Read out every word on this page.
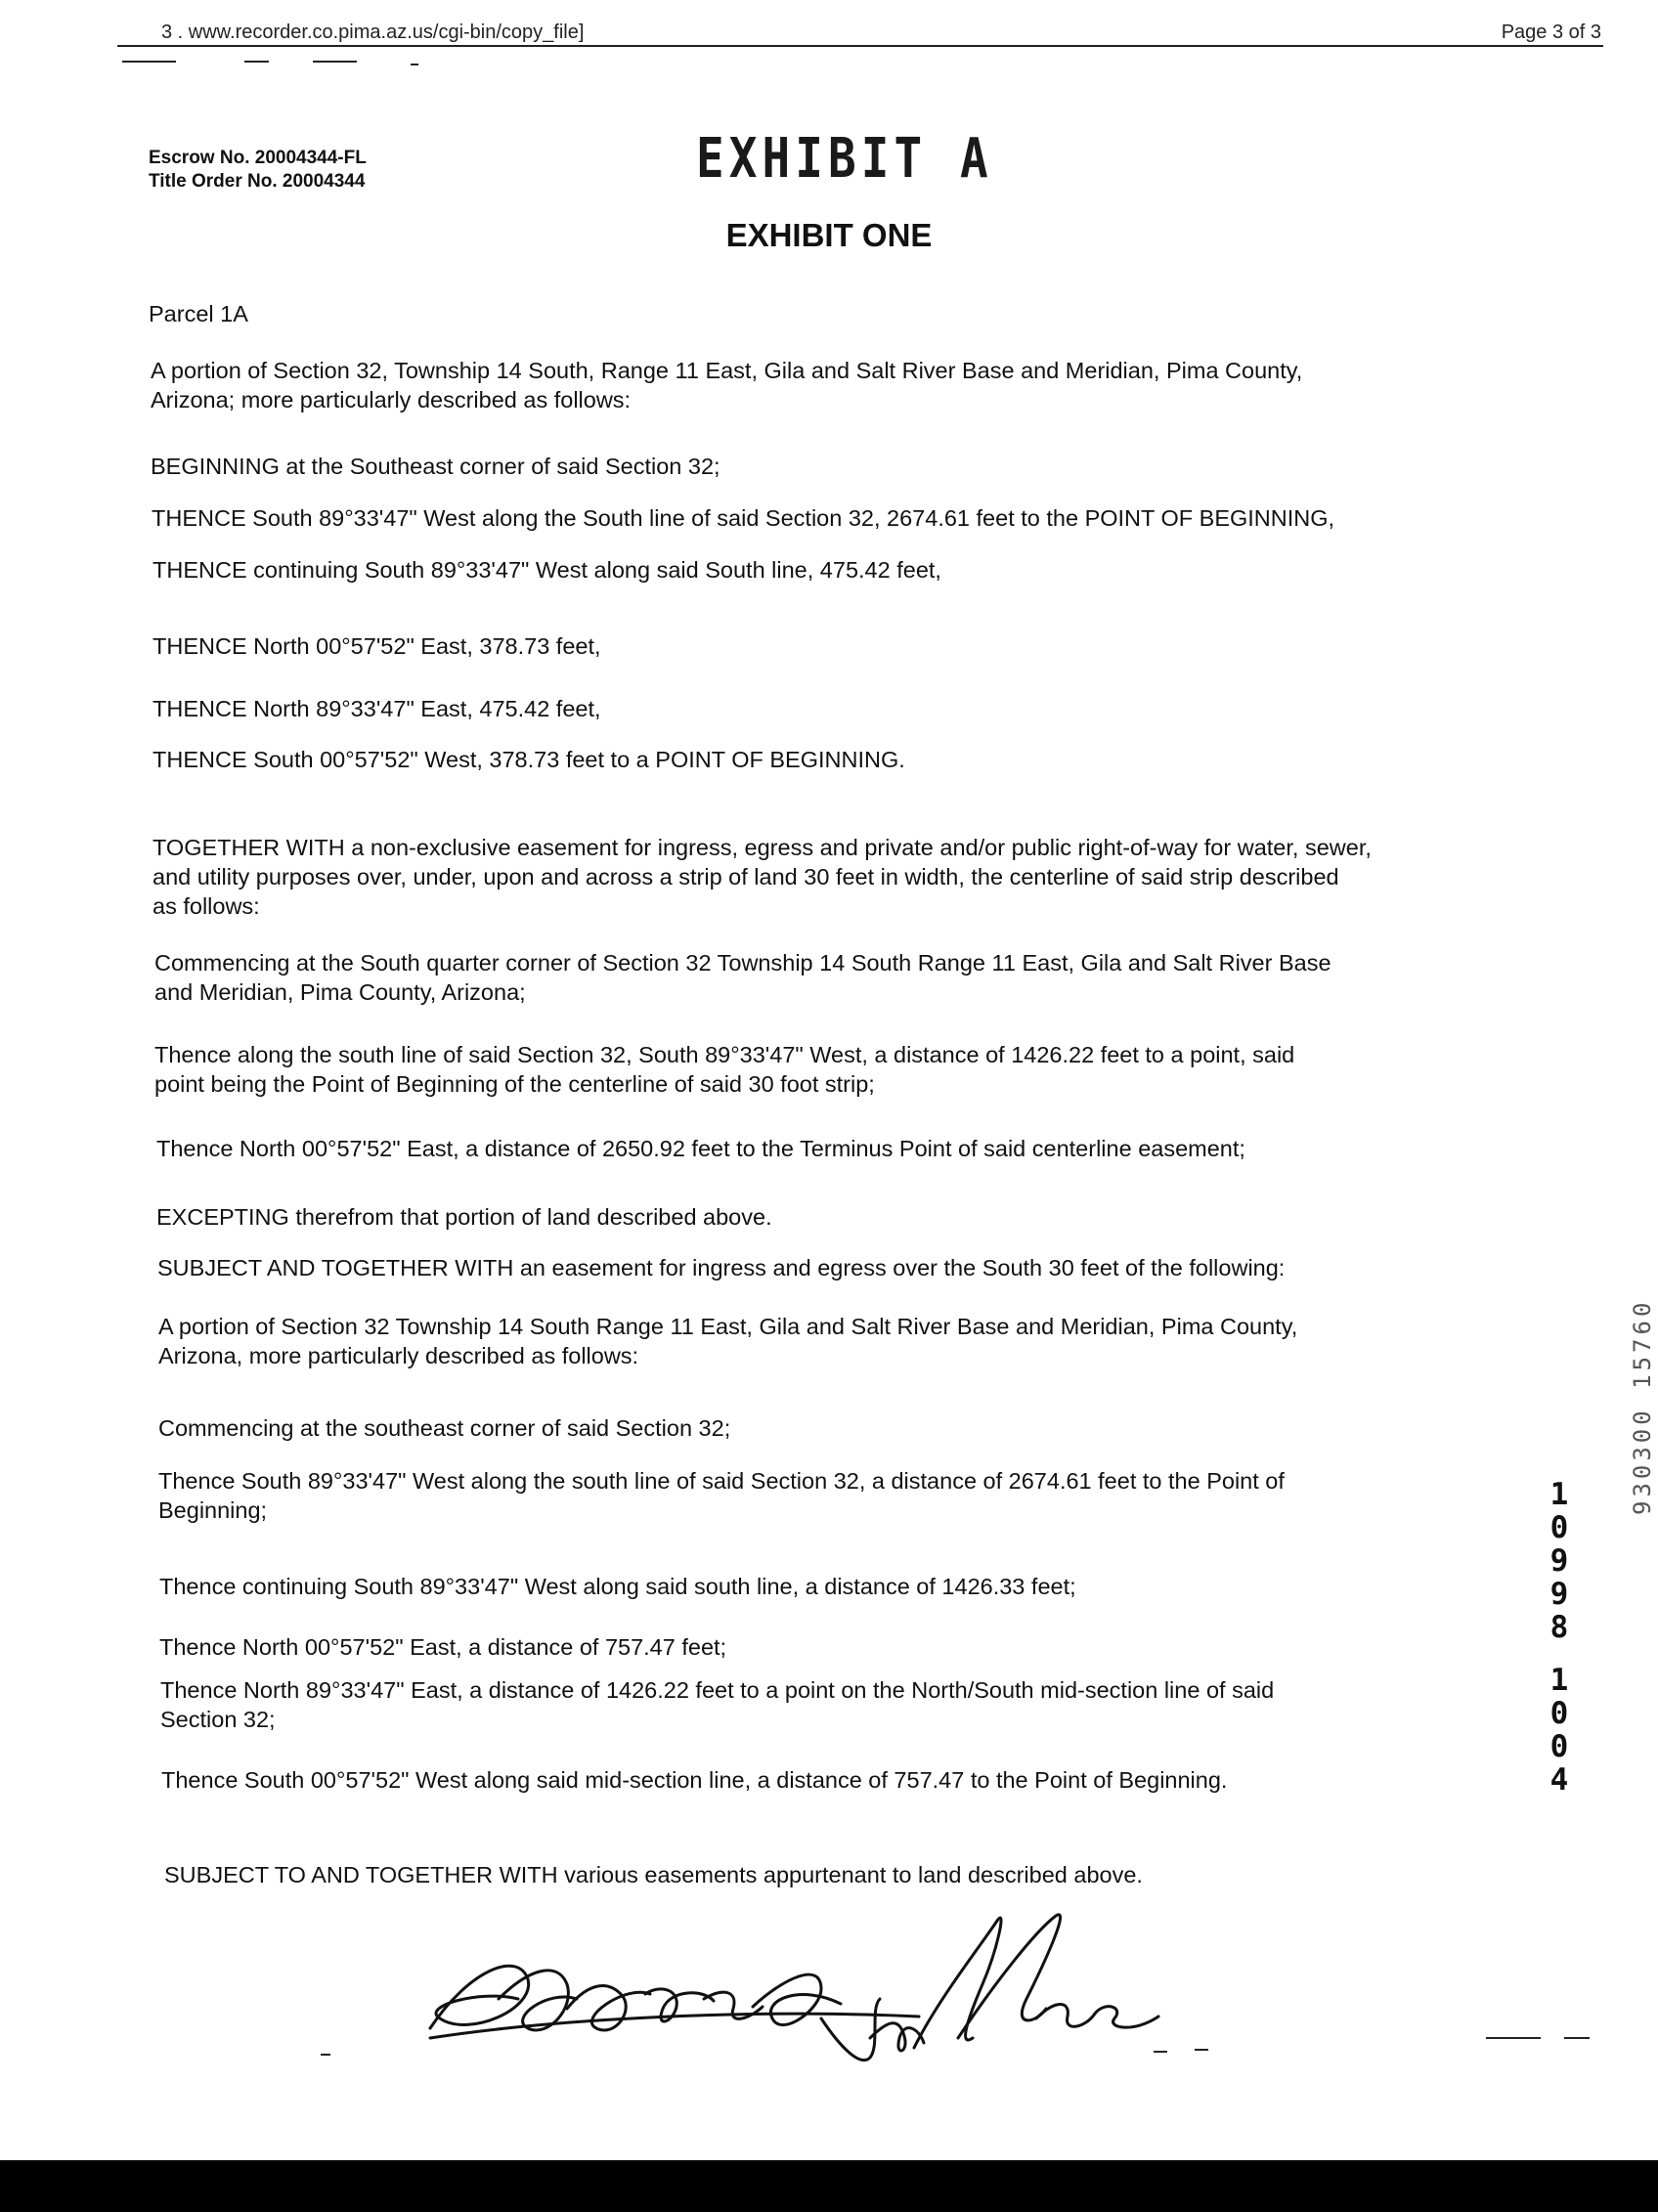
3 . www.recorder.co.pima.az.us/cgi-bin/copy_file]	Page 3 of 3
Escrow No. 20004344-FL
Title Order No. 20004344	EXHIBIT A
EXHIBIT ONE
Parcel 1A
A portion of Section 32, Township 14 South, Range 11 East, Gila and Salt River Base and Meridian, Pima County,
Arizona; more particularly described as follows:
BEGINNING at the Southeast corner of said Section 32;
THENCE South 89°33'47" West along the South line of said Section 32, 2674.61 feet to the POINT OF BEGINNING,
THENCE continuing South 89°33'47" West along said South line, 475.42 feet,
THENCE North 00°57'52" East, 378.73 feet,
THENCE North 89°33'47" East, 475.42 feet,
THENCE South 00°57'52" West, 378.73 feet to a POINT OF BEGINNING.
TOGETHER WITH a non-exclusive easement for ingress, egress and private and/or public right-of-way for water, sewer,
and utility purposes over, under, upon and across a strip of land 30 feet in width, the centerline of said strip described
as follows:
Commencing at the South quarter corner of Section 32 Township 14 South Range 11 East, Gila and Salt River Base
and Meridian, Pima County, Arizona;
Thence along the south line of said Section 32, South 89°33'47" West, a distance of 1426.22 feet to a point, said
point being the Point of Beginning of the centerline of said 30 foot strip;
Thence North 00°57'52" East, a distance of 2650.92 feet to the Terminus Point of said centerline easement;
EXCEPTING therefrom that portion of land described above.
SUBJECT AND TOGETHER WITH an easement for ingress and egress over the South 30 feet of the following:
A portion of Section 32 Township 14 South Range 11 East, Gila and Salt River Base and Meridian, Pima County,
Arizona, more particularly described as follows:
Commencing at the southeast corner of said Section 32;
Thence South 89°33'47" West along the south line of said Section 32, a distance of 2674.61 feet to the Point of
Beginning;
Thence continuing South 89°33'47" West along said south line, a distance of 1426.33 feet;
Thence North 00°57'52" East, a distance of 757.47 feet;
Thence North 89°33'47" East, a distance of 1426.22 feet to a point on the North/South mid-section line of said
Section 32;
Thence South 00°57'52" West along said mid-section line, a distance of 757.47 to the Point of Beginning.
SUBJECT TO AND TOGETHER WITH various easements appurtenant to land described above.
1
0
9
9
8
1
0
0
4
930300 15760
